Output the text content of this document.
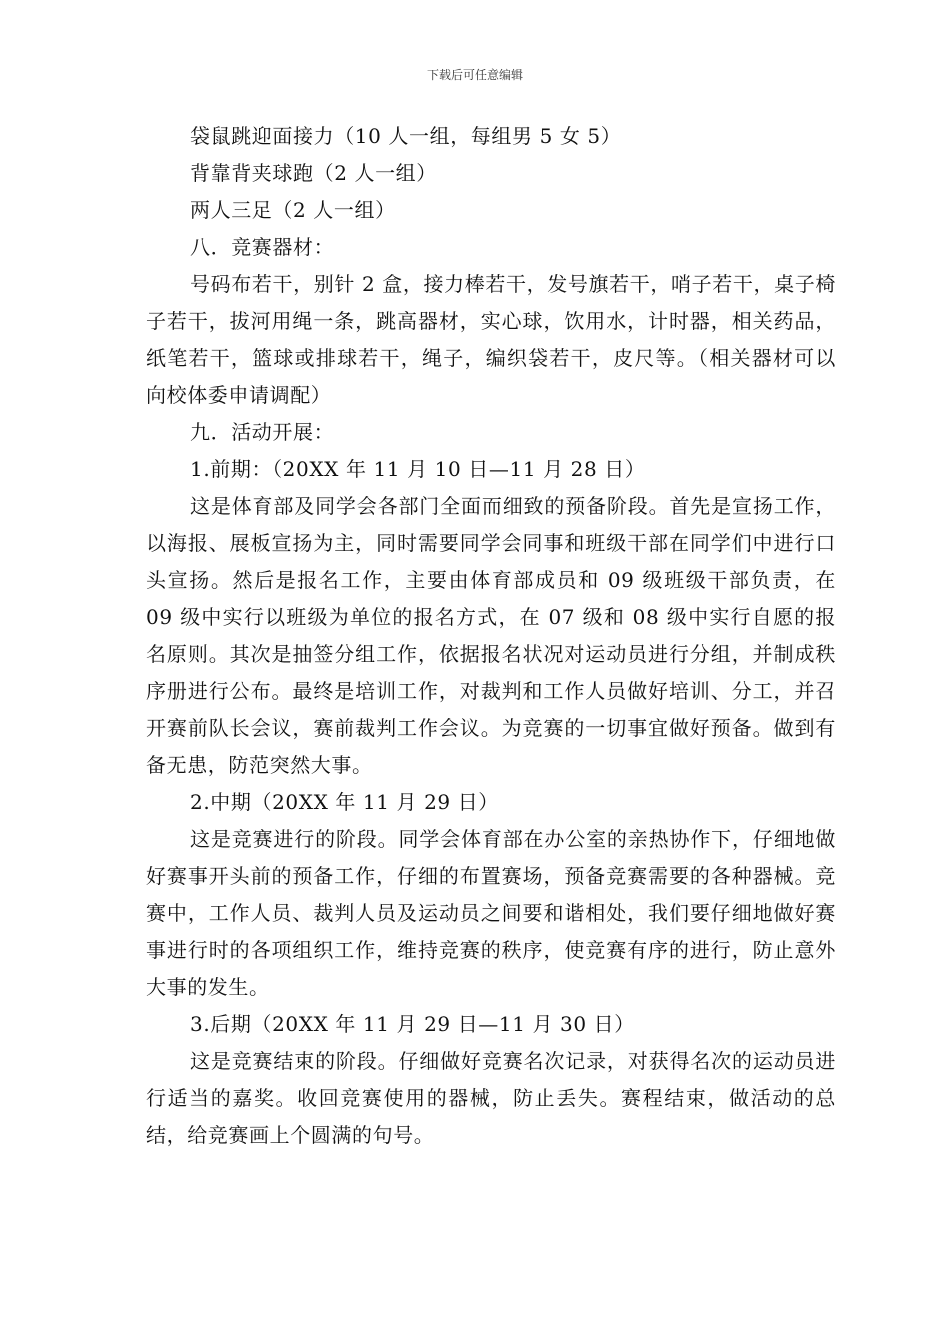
下载后可任意编辑

袋鼠跳迎面接力（10 人一组，每组男 5 女 5）

背靠背夹球跑（2 人一组）

两人三足（2 人一组）

八．竞赛器材：

号码布若干，别针 2 盒，接力棒若干，发号旗若干，哨子若干，桌子椅子若干，拔河用绳一条，跳高器材，实心球，饮用水，计时器，相关药品，纸笔若干，篮球或排球若干，绳子，编织袋若干，皮尺等。（相关器材可以向校体委申请调配）

九．活动开展：

1.前期：（20XX 年 11 月 10 日—11 月 28 日）

这是体育部及同学会各部门全面而细致的预备阶段。首先是宣扬工作，以海报、展板宣扬为主，同时需要同学会同事和班级干部在同学们中进行口头宣扬。然后是报名工作，主要由体育部成员和 09 级班级干部负责，在 09 级中实行以班级为单位的报名方式，在 07 级和 08 级中实行自愿的报名原则。其次是抽签分组工作，依据报名状况对运动员进行分组，并制成秩序册进行公布。最终是培训工作，对裁判和工作人员做好培训、分工，并召开赛前队长会议，赛前裁判工作会议。为竞赛的一切事宜做好预备。做到有备无患，防范突然大事。

2.中期（20XX 年 11 月 29 日）

这是竞赛进行的阶段。同学会体育部在办公室的亲热协作下，仔细地做好赛事开头前的预备工作，仔细的布置赛场，预备竞赛需要的各种器械。竞赛中，工作人员、裁判人员及运动员之间要和谐相处，我们要仔细地做好赛事进行时的各项组织工作，维持竞赛的秩序，使竞赛有序的进行，防止意外大事的发生。

3.后期（20XX 年 11 月 29 日—11 月 30 日）

这是竞赛结束的阶段。仔细做好竞赛名次记录，对获得名次的运动员进行适当的嘉奖。收回竞赛使用的器械，防止丢失。赛程结束，做活动的总结，给竞赛画上个圆满的句号。
